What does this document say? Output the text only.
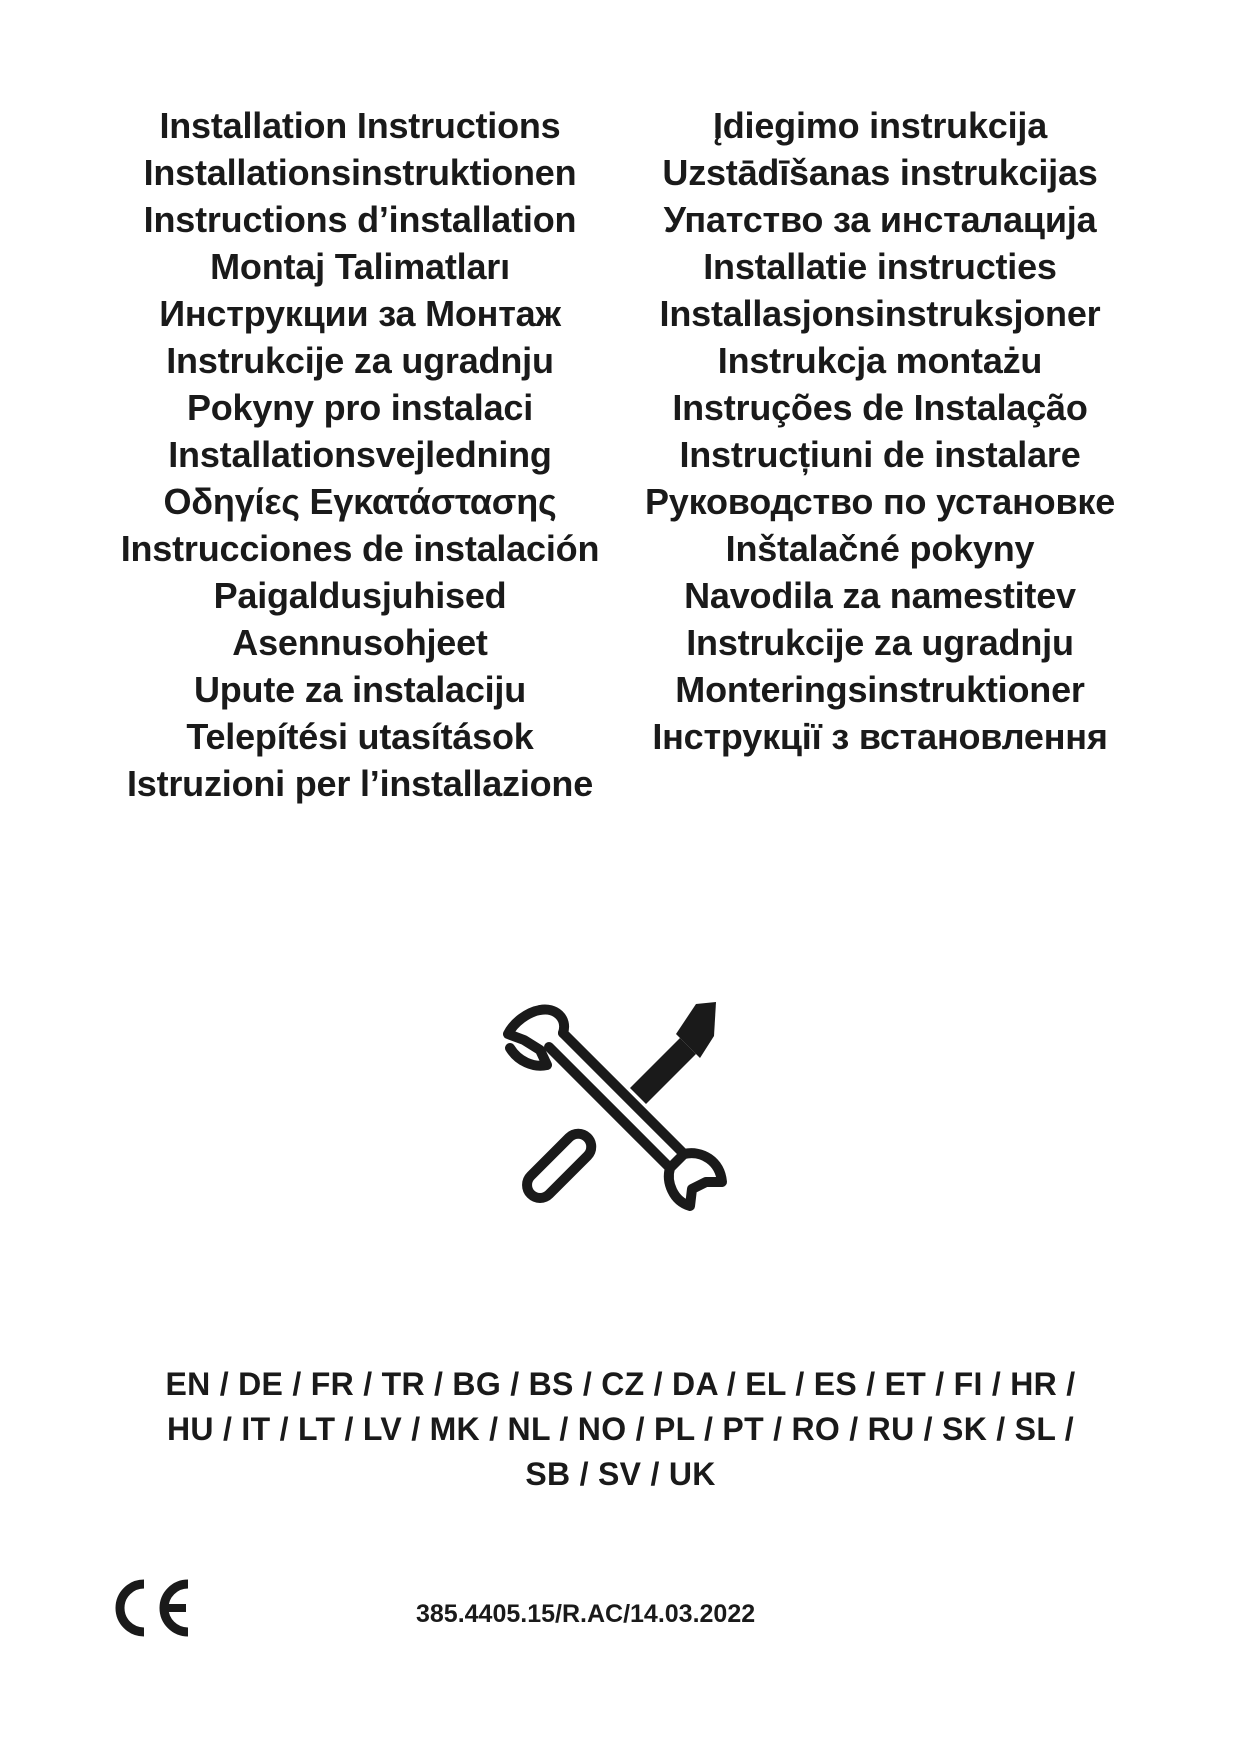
Installation Instructions
Installationsinstruktionen
Instructions d’installation
Montaj Talimatları
Инструкции за Монтаж
Instrukcije za ugradnju
Pokyny pro instalaci
Installationsvejledning
Οδηγίες Εγκατάστασης
Instrucciones de instalación
Paigaldusjuhised
Asennusohjeet
Upute za instalaciju
Telepítési utasítások
Istruzioni per l’installazione
Įdiegimo instrukcija
Uzstādīšanas instrukcijas
Упатство за инсталација
Installatie instructies
Installasjonsinstruksjoner
Instrukcja montażu
Instruções de Instalação
Instrucțiuni de instalare
Руководство по установке
Inštalačné pokyny
Navodila za namestitev
Instrukcije za ugradnju
Monteringsinstruktioner
Інструкції з встановлення
EN / DE / FR / TR / BG / BS / CZ / DA / EL / ES / ET / FI / HR /
HU / IT / LT / LV / MK / NL / NO / PL / PT / RO / RU / SK / SL /
SB / SV / UK
385.4405.15/R.AC/14.03.2022
